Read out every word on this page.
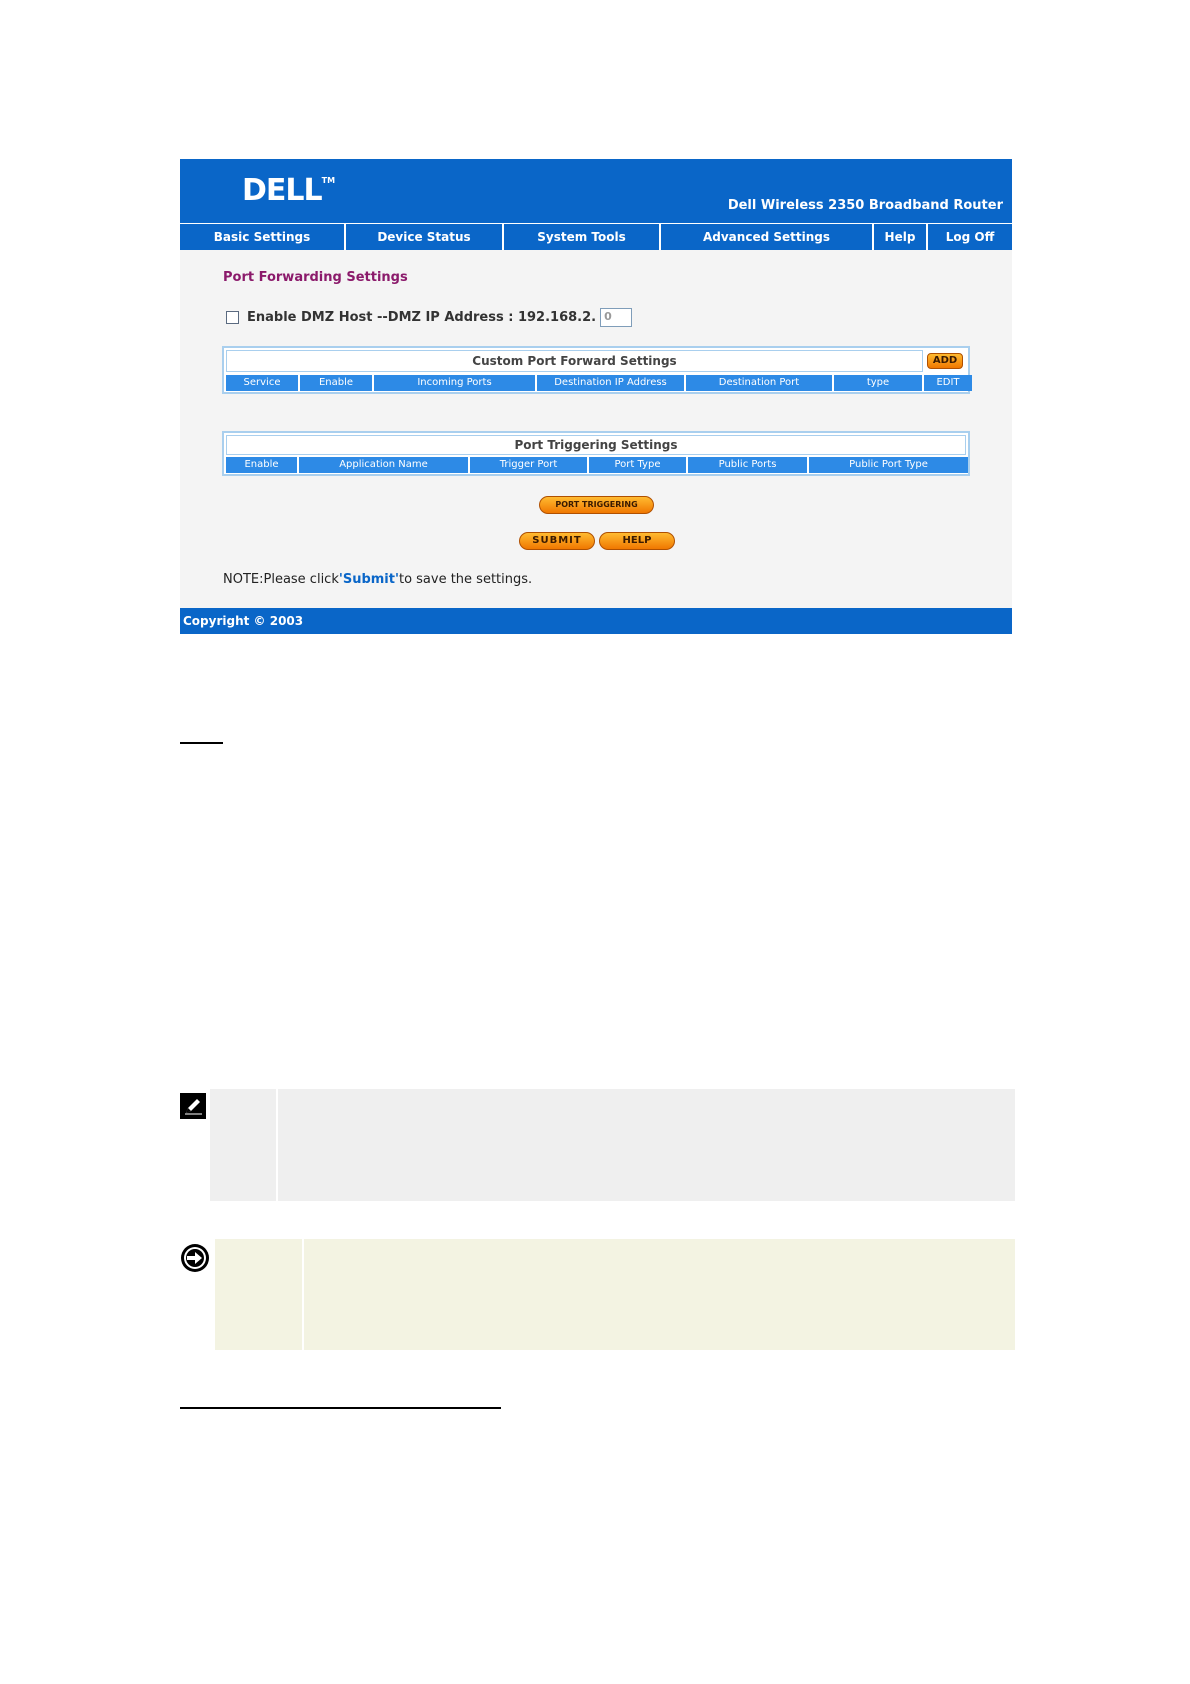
DELL™
Dell Wireless 2350 Broadband Router
Basic Settings	Device Status	System Tools	Advanced Settings	Help	Log Off
Port Forwarding Settings
Enable DMZ Host --DMZ IP Address : 192.168.2. 0
Custom Port Forward Settings	ADD
Service	Enable	Incoming Ports	Destination IP Address	Destination Port	type	EDIT
Port Triggering Settings
Enable	Application Name	Trigger Port	Port Type	Public Ports	Public Port Type
PORT TRIGGERING
SUBMIT	HELP
NOTE:Please click'Submit'to save the settings.
Copyright © 2003
